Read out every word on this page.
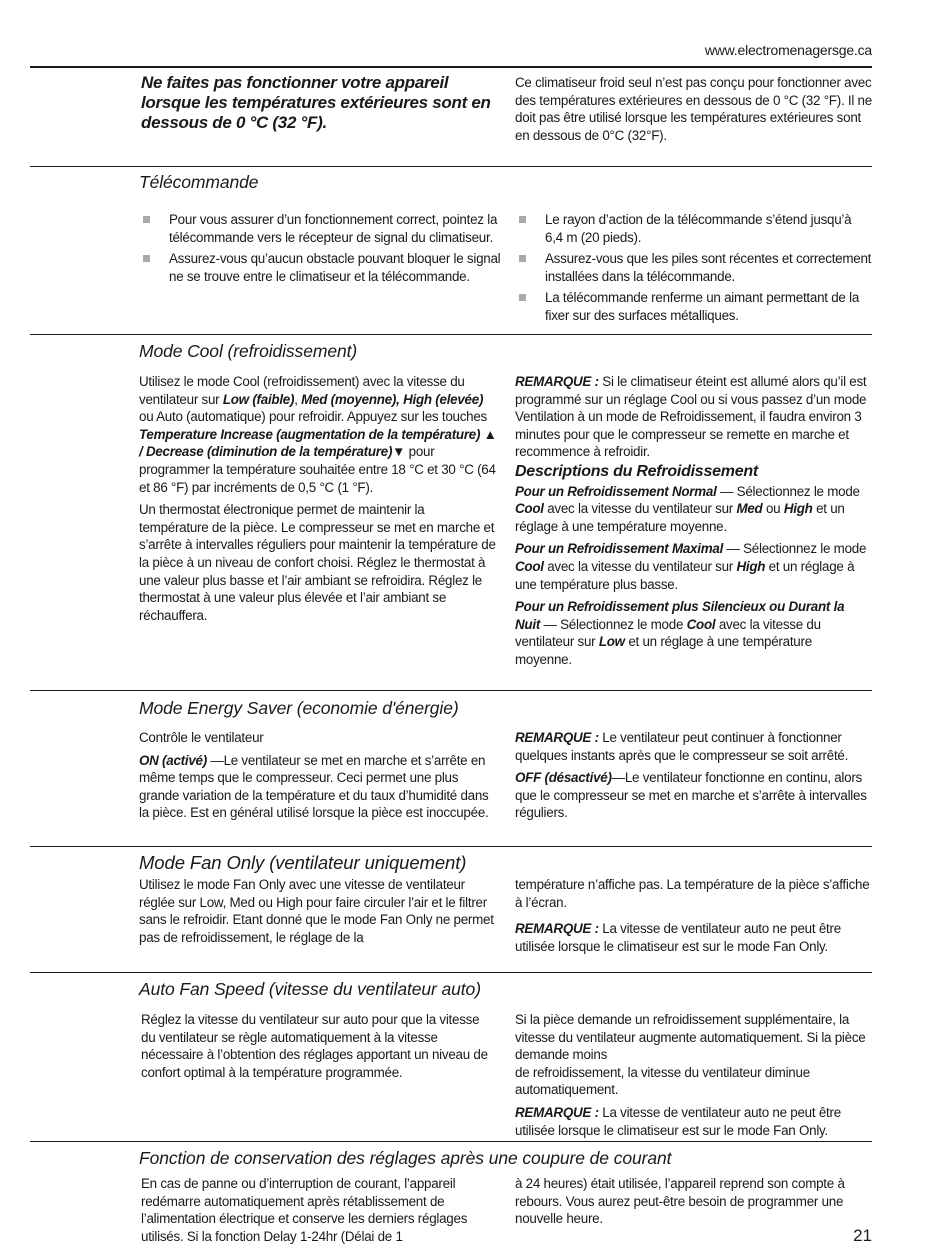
www.electromenagersge.ca
Ne faites pas fonctionner votre appareil lorsque les températures extérieures sont en dessous de 0 °C (32 °F).

Ce climatiseur froid seul n’est pas conçu pour fonctionner avec des températures extérieures en dessous de 0 °C (32 °F). Il ne doit pas être utilisé lorsque les températures extérieures sont en dessous de 0°C (32°F).

Télécommande
Pour vous assurer d’un fonctionnement correct, pointez la télécommande vers le récepteur de signal du climatiseur.
Assurez-vous qu’aucun obstacle pouvant bloquer le signal ne se trouve entre le climatiseur et la télécommande.
Le rayon d’action de la télécommande s’étend jusqu’à 6,4 m (20 pieds).
Assurez-vous que les piles sont récentes et correctement installées dans la télécommande.
La télécommande renferme un aimant permettant de la fixer sur des surfaces métalliques.
Mode Cool (refroidissement)

Utilisez le mode Cool (refroidissement) avec la vitesse du ventilateur sur Low (faible), Med (moyenne), High (elevée) ou Auto (automatique) pour refroidir. Appuyez sur les touches Temperature Increase (augmentation de la température) ▲ / Decrease (diminution de la température)▼ pour programmer la température souhaitée entre 18 °C et 30 °C (64 et 86 °F) par incréments de 0,5 °C (1 °F).

Un thermostat électronique permet de maintenir la température de la pièce. Le compresseur se met en marche et s’arrête à intervalles réguliers pour maintenir la température de la pièce à un niveau de confort choisi. Réglez le thermostat à une valeur plus basse et l’air ambiant se refroidira. Réglez le thermostat à une valeur plus élevée et l’air ambiant se réchauffera.

REMARQUE : Si le climatiseur éteint est allumé alors qu’il est programmé sur un réglage Cool ou si vous passez d’un mode Ventilation à un mode de Refroidissement, il faudra environ 3 minutes pour que le compresseur se remette en marche et recommence à refroidir.

Descriptions du Refroidissement

Pour un Refroidissement Normal — Sélectionnez le mode Cool avec la vitesse du ventilateur sur Med ou High et un réglage à une température moyenne.

Pour un Refroidissement Maximal — Sélectionnez le mode Cool avec la vitesse du ventilateur sur High et un réglage à une température plus basse.

Pour un Refroidissement plus Silencieux ou Durant la Nuit — Sélectionnez le mode Cool avec la vitesse du ventilateur sur Low et un réglage à une température moyenne.

Mode Energy Saver (economie d'énergie)

Contrôle le ventilateur

ON (activé) —Le ventilateur se met en marche et s’arrête en même temps que le compresseur. Ceci permet une plus grande variation de la température et du taux d’humidité dans la pièce. Est en général utilisé lorsque la pièce est inoccupée.

REMARQUE : Le ventilateur peut continuer à fonctionner quelques instants après que le compresseur se soit arrêté.

OFF (désactivé)—Le ventilateur fonctionne en continu, alors que le compresseur se met en marche et s’arrête à intervalles réguliers.

Mode Fan Only (ventilateur uniquement)

Utilisez le mode Fan Only avec une vitesse de ventilateur réglée sur Low, Med ou High pour faire circuler l’air et le filtrer sans le refroidir. Etant donné que le mode Fan Only ne permet pas de refroidissement, le réglage de la

température n’affiche pas. La température de la pièce s’affiche à l’écran.

REMARQUE : La vitesse de ventilateur auto ne peut être utilisée lorsque le climatiseur est sur le mode Fan Only.

Auto Fan Speed (vitesse du ventilateur auto)

Réglez la vitesse du ventilateur sur auto pour que la vitesse du ventilateur se règle automatiquement à la vitesse nécessaire à l’obtention des réglages apportant un niveau de confort optimal à la température programmée.

Si la pièce demande un refroidissement supplémentaire, la vitesse du ventilateur augmente automatiquement. Si la pièce demande moins

de refroidissement, la vitesse du ventilateur diminue automatiquement.

REMARQUE : La vitesse de ventilateur auto ne peut être utilisée lorsque le climatiseur est sur le mode Fan Only.

Fonction de conservation des réglages après une coupure de courant

En cas de panne ou d’interruption de courant, l’appareil redémarre automatiquement après rétablissement de l’alimentation électrique et conserve les derniers réglages utilisés. Si la fonction Delay 1-24hr (Délai de 1

à 24 heures) était utilisée, l’appareil reprend son compte à rebours. Vous aurez peut-être besoin de programmer une nouvelle heure.

21
